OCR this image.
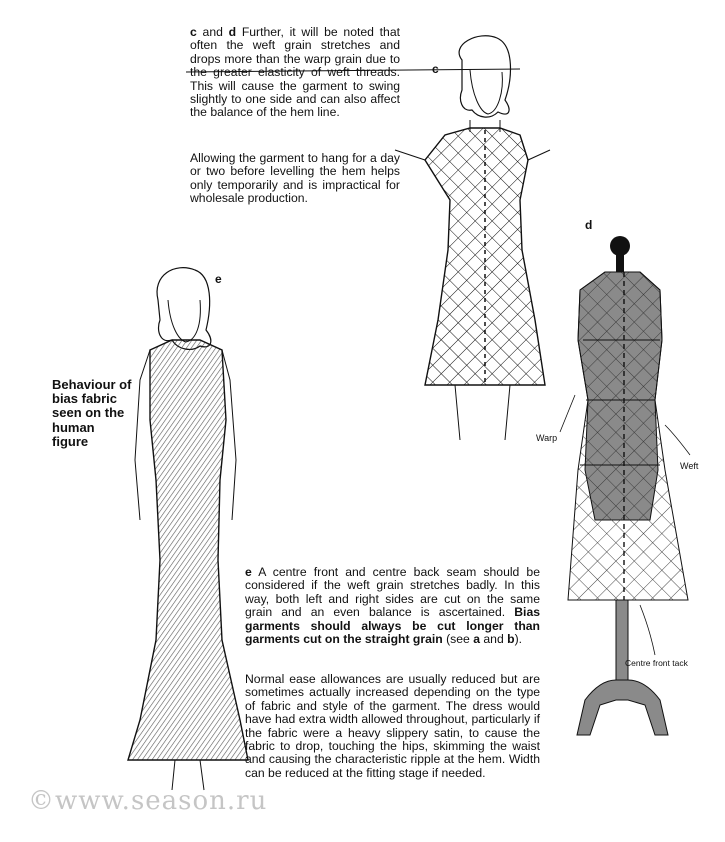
c and d Further, it will be noted that often the weft grain stretches and drops more than the warp grain due to the greater elasticity of weft threads. This will cause the garment to swing slightly to one side and can also affect the balance of the hem line.

Allowing the garment to hang for a day or two before levelling the hem helps only temporarily and is impractical for wholesale production.

Behaviour of bias fabric seen on the human figure

e A centre front and centre back seam should be considered if the weft grain stretches badly. In this way, both left and right sides are cut on the same grain and an even balance is ascertained. Bias garments should always be cut longer than garments cut on the straight grain (see a and b).

Normal ease allowances are usually reduced but are sometimes actually increased depending on the type of fabric and style of the garment. The dress would have had extra width allowed throughout, particularly if the fabric were a heavy slippery satin, to cause the fabric to drop, touching the hips, skimming the waist and causing the characteristic ripple at the hem. Width can be reduced at the fitting stage if needed.

c
d
e
Warp
Weft
Centre front tack
©www.season.ru
